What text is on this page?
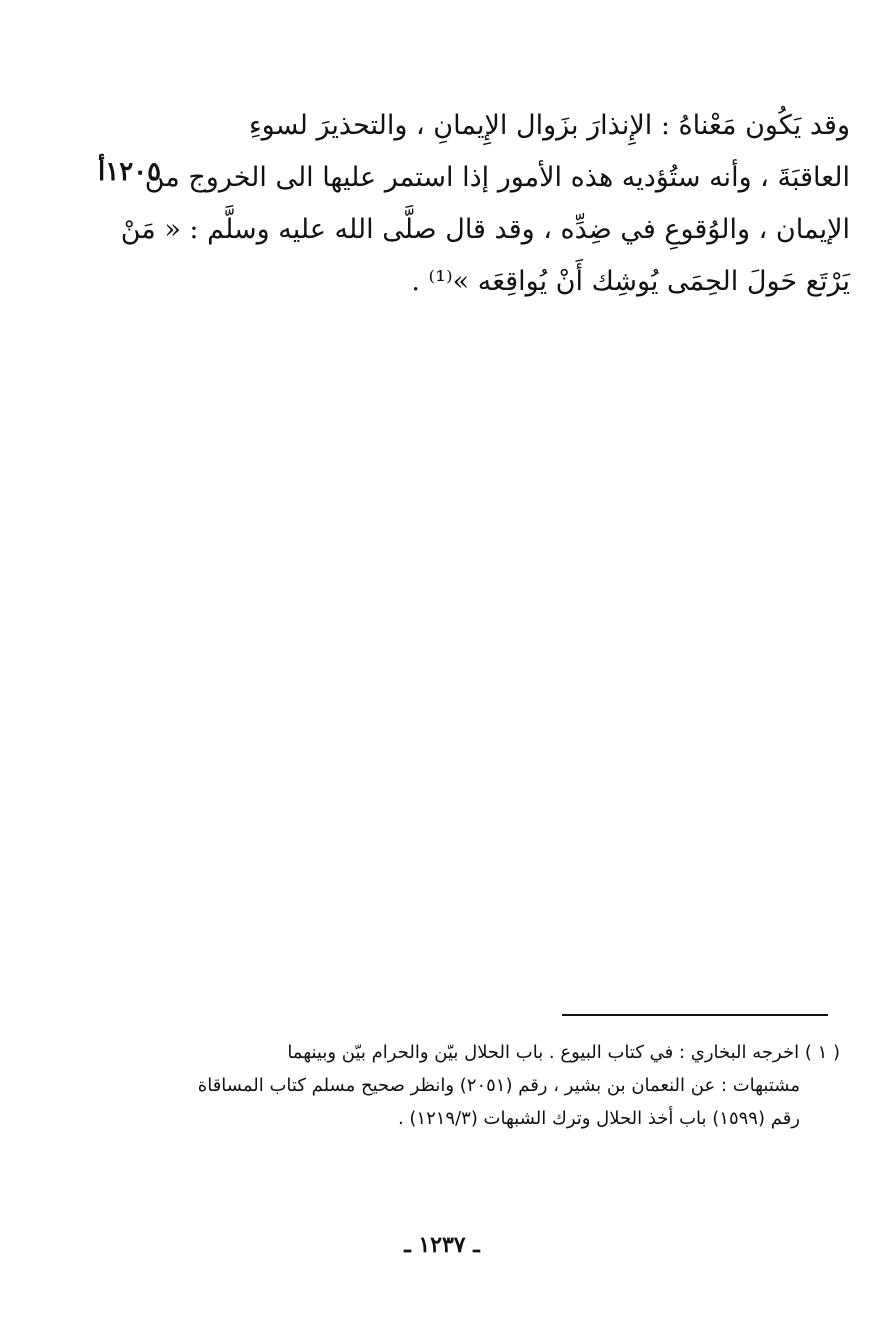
وقد يَكُون مَعْناهُ : الإِنذارَ بزَوال الإِيمانِ ، والتحذيرَ لسوءِ
العاقبَةَ ، وأنه ستُؤديه هذه الأمور إذا استمر عليها الى الخروج من
الإيمان ، والوُقوعِ في ضِدِّه ، وقد قال صلَّى الله عليه وسلَّم : « مَنْ
يَرْتَع حَولَ الحِمَى يُوشِك أَنْ يُواقِعَه »⁽¹⁾ .
١٢٠٥أ
( ١ ) اخرجه البخاري : في كتاب البيوع . باب الحلال بيّن والحرام بيّن وبينهما
مشتبهات : عن النعمان بن بشير ، رقم (٢٠٥١) وانظر صحيح مسلم كتاب المساقاة
رقم (١٥٩٩) باب أخذ الحلال وترك الشبهات (١٢١٩/٣) .
ـ ١٢٣٧ ـ
